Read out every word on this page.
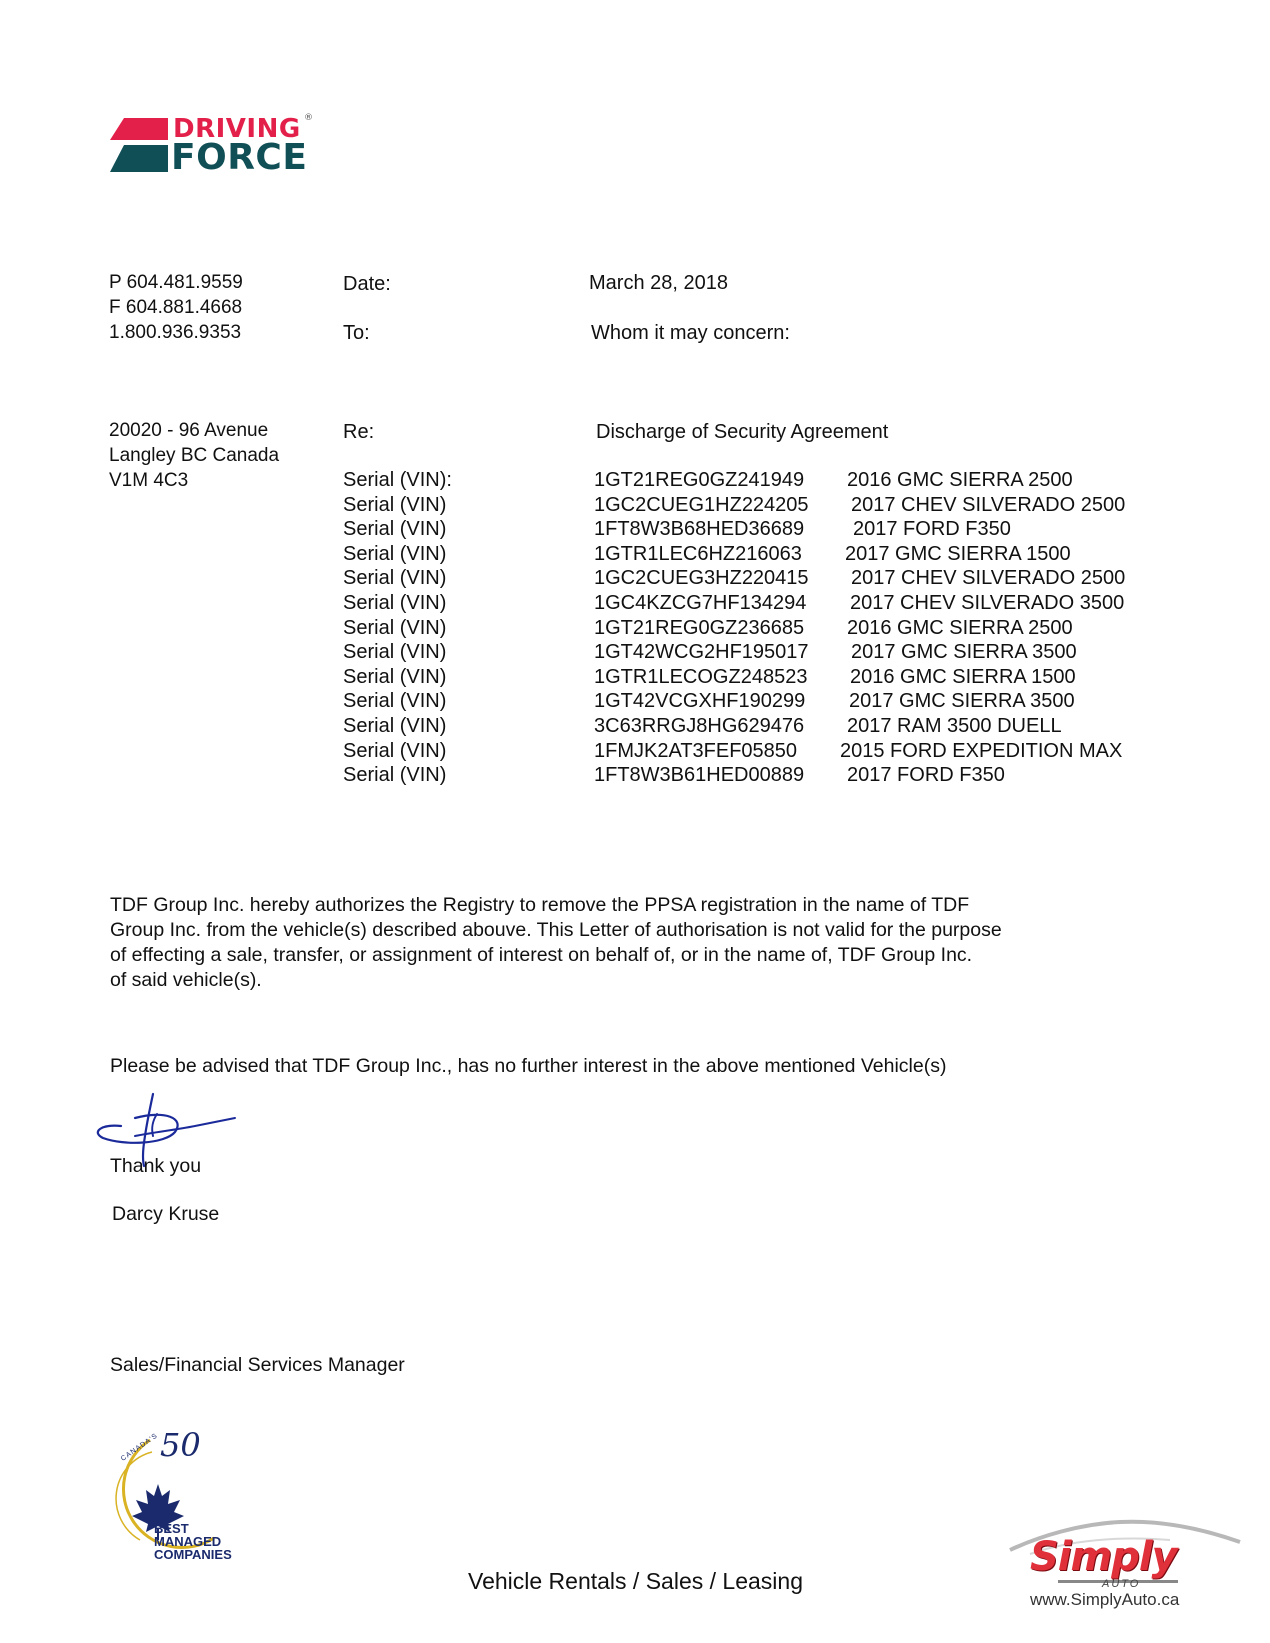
DRIVING ®
FORCE
P 604.481.9559
F 604.881.4668
1.800.936.9353
20020 - 96 Avenue
Langley BC Canada
V1M 4C3
Date:	March 28, 2018
To:	Whom it may concern:
Re:	Discharge of Security Agreement
Serial (VIN):	1GT21REG0GZ241949 2016 GMC SIERRA 2500
Serial (VIN)	1GC2CUEG1HZ224205 2017 CHEV SILVERADO 2500
Serial (VIN)	1FT8W3B68HED36689 2017 FORD F350
Serial (VIN)	1GTR1LEC6HZ216063 2017 GMC SIERRA 1500
Serial (VIN)	1GC2CUEG3HZ220415 2017 CHEV SILVERADO 2500
Serial (VIN)	1GC4KZCG7HF134294 2017 CHEV SILVERADO 3500
Serial (VIN)	1GT21REG0GZ236685 2016 GMC SIERRA 2500
Serial (VIN)	1GT42WCG2HF195017 2017 GMC SIERRA 3500
Serial (VIN)	1GTR1LECOGZ248523 2016 GMC SIERRA 1500
Serial (VIN)	1GT42VCGXHF190299 2017 GMC SIERRA 3500
Serial (VIN)	3C63RRGJ8HG629476 2017 RAM 3500 DUELL
Serial (VIN)	1FMJK2AT3FEF05850 2015 FORD EXPEDITION MAX
Serial (VIN)	1FT8W3B61HED00889 2017 FORD F350
TDF Group Inc. hereby authorizes the Registry to remove the PPSA registration in the name of TDF
Group Inc. from the vehicle(s) described abouve. This Letter of authorisation is not valid for the purpose
of effecting a sale, transfer, or assignment of interest on behalf of, or in the name of, TDF Group Inc.
of said vehicle(s).
Please be advised that TDF Group Inc., has no further interest in the above mentioned Vehicle(s)
Thank you
Darcy Kruse
Sales/Financial Services Manager
50
CANADA'S
BEST
MANAGED
COMPANIES
Vehicle Rentals / Sales / Leasing
Simply
AUTO
www.SimplyAuto.ca
